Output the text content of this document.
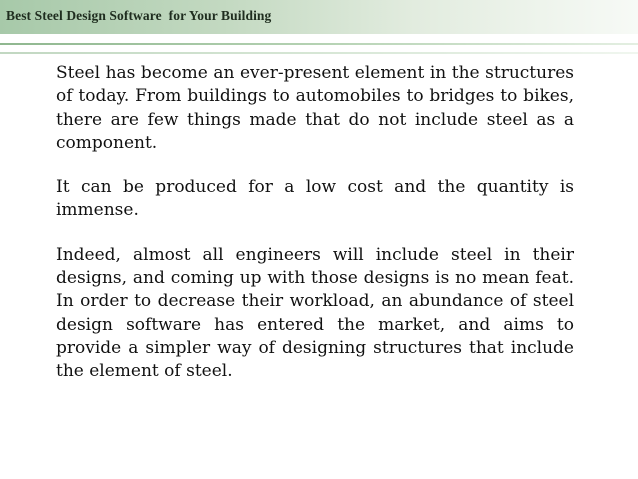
Best Steel Design Software  for Your Building

Steel has become an ever-present element in the structures of today. From buildings to automobiles to bridges to bikes, there are few things made that do not include steel as a component.

It can be produced for a low cost and the quantity is immense.

Indeed, almost all engineers will include steel in their designs, and coming up with those designs is no mean feat. In order to decrease their workload, an abundance of steel design software has entered the market, and aims to provide a simpler way of designing structures that include the element of steel.
